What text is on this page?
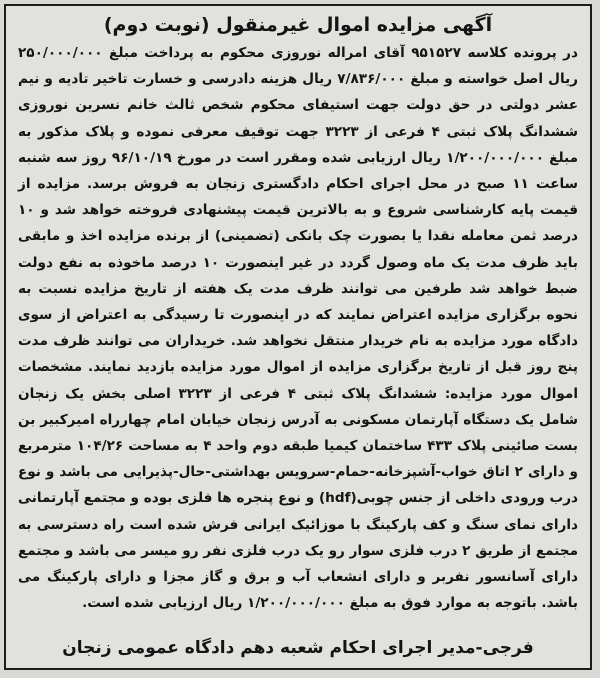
آگهی مزایده اموال غیرمنقول (نوبت دوم)
در پرونده کلاسه ۹۵۱۵۲۷ آقای امراله نوروزی محکوم به پرداخت مبلغ ۲۵۰/۰۰۰/۰۰۰ ریال اصل خواسته و مبلغ ۷/۸۳۶/۰۰۰ ریال هزینه دادرسی و خسارت تاخیر تادیه و نیم عشر دولتی در حق دولت جهت استیفای محکوم شخص ثالث خانم نسرین نوروزی ششدانگ پلاک ثبتی ۴ فرعی از ۳۲۲۳ جهت توقیف معرفی نموده و پلاک مذکور به مبلغ ۱/۲۰۰/۰۰۰/۰۰۰ ریال ارزیابی شده ومقرر است در مورخ ۹۶/۱۰/۱۹ روز سه شنبه ساعت ۱۱ صبح در محل اجرای احکام دادگستری زنجان به فروش برسد. مزایده از قیمت پایه کارشناسی شروع و به بالاترین قیمت پیشنهادی فروخته خواهد شد و ۱۰ درصد ثمن معامله نقدا یا بصورت چک بانکی (تضمینی) از برنده مزایده اخذ و مابقی باید ظرف مدت یک ماه وصول گردد در غیر اینصورت ۱۰ درصد ماخوذه به نفع دولت ضبط خواهد شد طرفین می توانند ظرف مدت یک هفته از تاریخ مزایده نسبت به نحوه برگزاری مزایده اعتراض نمایند که در اینصورت تا رسیدگی به اعتراض از سوی دادگاه مورد مزایده به نام خریدار منتقل نخواهد شد. خریداران می توانند ظرف مدت پنج روز قبل از تاریخ برگزاری مزایده از اموال مورد مزایده بازدید نمایند. مشخصات اموال مورد مزایده: ششدانگ پلاک ثبتی ۴ فرعی از ۳۲۲۳ اصلی بخش یک زنجان شامل یک دستگاه آپارتمان مسکونی به آدرس زنجان خیابان امام چهارراه امیرکبیر بن بست صائینی پلاک ۴۳۳ ساختمان کیمیا طبقه دوم واحد ۴ به مساحت ۱۰۴/۲۶ مترمربع و دارای ۲ اتاق خواب-آشپزخانه-حمام-سرویس بهداشتی-حال-پذیرایی می باشد و نوع درب ورودی داخلی از جنس چوبی(hdf) و نوع پنجره ها فلزی بوده و مجتمع آپارتمانی دارای نمای سنگ و کف پارکینگ با موزائیک ایرانی فرش شده است راه دسترسی به مجتمع از طریق ۲ درب فلزی سوار رو یک درب فلزی نفر رو میسر می باشد و مجتمع دارای آسانسور نفربر و دارای انشعاب آب و برق و گاز مجزا و دارای پارکینگ می باشد. باتوجه به موارد فوق به مبلغ ۱/۲۰۰/۰۰۰/۰۰۰ ریال ارزیابی شده است.
فرجی-مدیر اجرای احکام شعبه دهم دادگاه عمومی زنجان
